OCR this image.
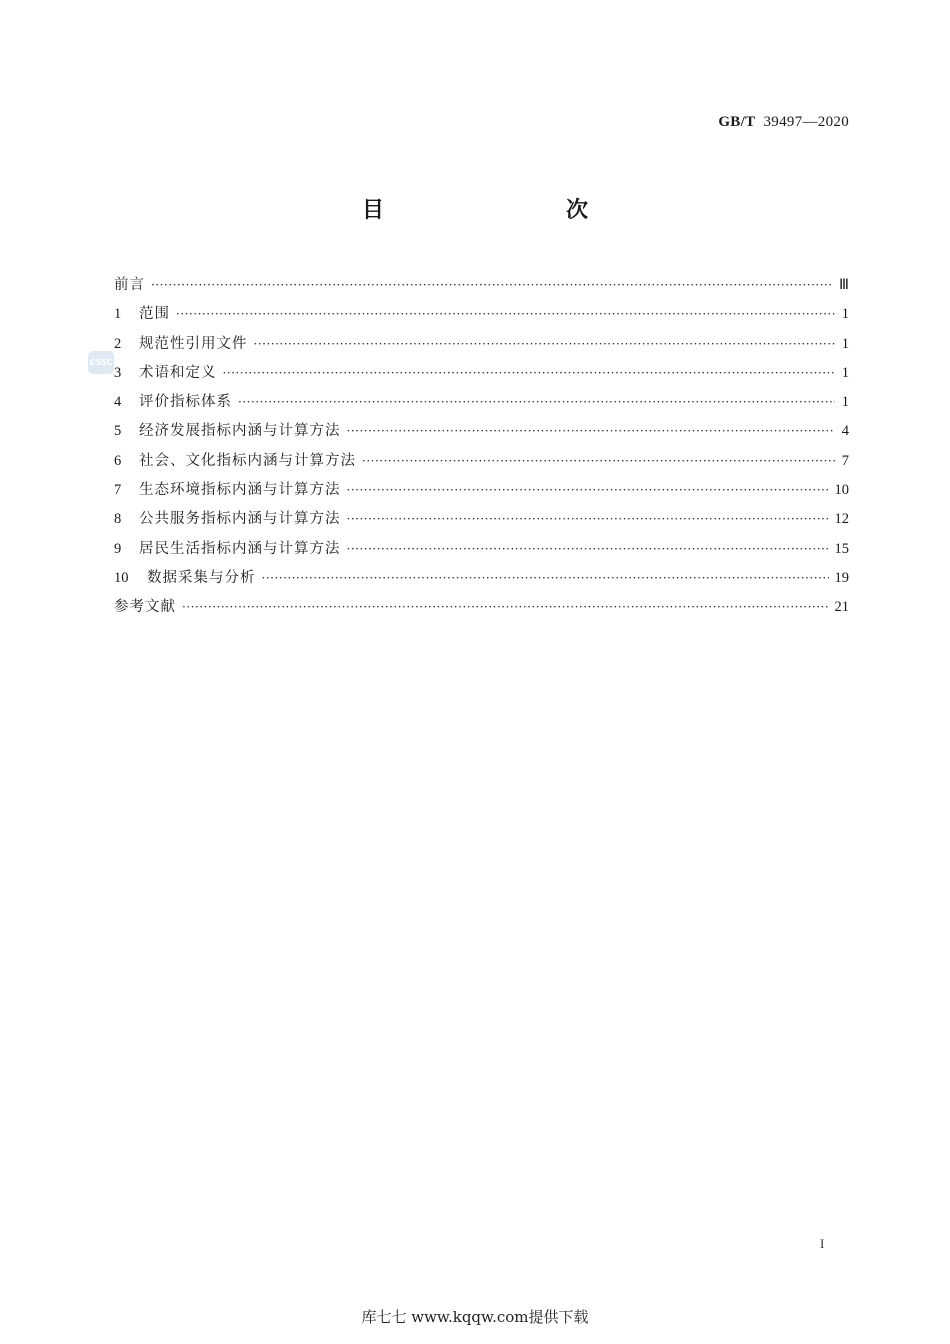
GB/T 39497—2020
目　　次
CSSC
前言 ·····	Ⅲ
1	范围 ·····	1
2	规范性引用文件 ·····	1
3	术语和定义 ·····	1
4	评价指标体系 ·····	1
5	经济发展指标内涵与计算方法 ·····	4
6	社会、文化指标内涵与计算方法 ·····	7
7	生态环境指标内涵与计算方法 ·····	10
8	公共服务指标内涵与计算方法 ·····	12
9	居民生活指标内涵与计算方法 ·····	15
10	数据采集与分析 ·····	19
参考文献 ·····	21
I
库七七 www.kqqw.com提供下载
